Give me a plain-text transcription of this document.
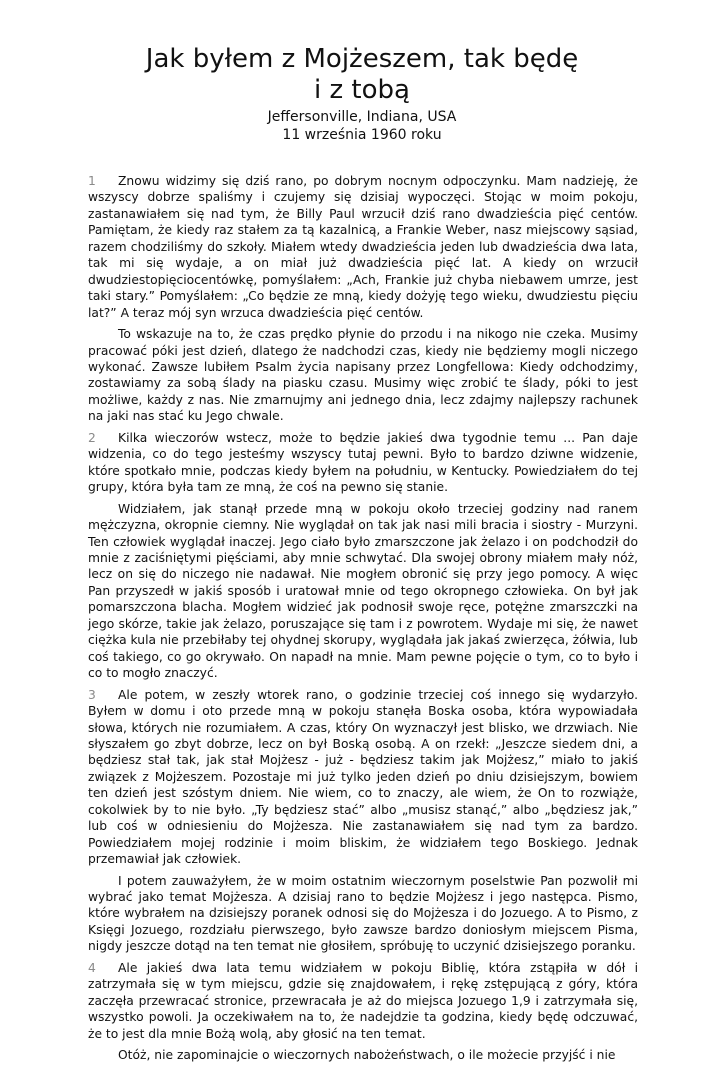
Jak byłem z Mojżeszem, tak będę
i z tobą
Jeffersonville, Indiana, USA
11 września 1960 roku

1 Znowu widzimy się dziś rano, po dobrym nocnym odpoczynku. Mam nadzieję, że wszyscy dobrze spaliśmy i czujemy się dzisiaj wypoczęci. Stojąc w moim pokoju, zastanawiałem się nad tym, że Billy Paul wrzucił dziś rano dwadzieścia pięć centów. Pamiętam, że kiedy raz stałem za tą kazalnicą, a Frankie Weber, nasz miejscowy sąsiad, razem chodziliśmy do szkoły. Miałem wtedy dwadzieścia jeden lub dwadzieścia dwa lata, tak mi się wydaje, a on miał już dwadzieścia pięć lat. A kiedy on wrzucił dwudziestopięciocentówkę, pomyślałem: „Ach, Frankie już chyba niebawem umrze, jest taki stary.” Pomyślałem: „Co będzie ze mną, kiedy dożyję tego wieku, dwudziestu pięciu lat?” A teraz mój syn wrzuca dwadzieścia pięć centów.

To wskazuje na to, że czas prędko płynie do przodu i na nikogo nie czeka. Musimy pracować póki jest dzień, dlatego że nadchodzi czas, kiedy nie będziemy mogli niczego wykonać. Zawsze lubiłem Psalm życia napisany przez Longfellowa: Kiedy odchodzimy, zostawiamy za sobą ślady na piasku czasu. Musimy więc zrobić te ślady, póki to jest możliwe, każdy z nas. Nie zmarnujmy ani jednego dnia, lecz zdajmy najlepszy rachunek na jaki nas stać ku Jego chwale.

2 Kilka wieczorów wstecz, może to będzie jakieś dwa tygodnie temu ... Pan daje widzenia, co do tego jesteśmy wszyscy tutaj pewni. Było to bardzo dziwne widzenie, które spotkało mnie, podczas kiedy byłem na południu, w Kentucky. Powiedziałem do tej grupy, która była tam ze mną, że coś na pewno się stanie.

Widziałem, jak stanął przede mną w pokoju około trzeciej godziny nad ranem mężczyzna, okropnie ciemny. Nie wyglądał on tak jak nasi mili bracia i siostry - Murzyni. Ten człowiek wyglądał inaczej. Jego ciało było zmarszczone jak żelazo i on podchodził do mnie z zaciśniętymi pięściami, aby mnie schwytać. Dla swojej obrony miałem mały nóż, lecz on się do niczego nie nadawał. Nie mogłem obronić się przy jego pomocy. A więc Pan przyszedł w jakiś sposób i uratował mnie od tego okropnego człowieka. On był jak pomarszczona blacha. Mogłem widzieć jak podnosił swoje ręce, potężne zmarszczki na jego skórze, takie jak żelazo, poruszające się tam i z powrotem. Wydaje mi się, że nawet ciężka kula nie przebiłaby tej ohydnej skorupy, wyglądała jak jakaś zwierzęca, żółwia, lub coś takiego, co go okrywało. On napadł na mnie. Mam pewne pojęcie o tym, co to było i co to mogło znaczyć.

3 Ale potem, w zeszły wtorek rano, o godzinie trzeciej coś innego się wydarzyło. Byłem w domu i oto przede mną w pokoju stanęła Boska osoba, która wypowiadała słowa, których nie rozumiałem. A czas, który On wyznaczył jest blisko, we drzwiach. Nie słyszałem go zbyt dobrze, lecz on był Boską osobą. A on rzekł: „Jeszcze siedem dni, a będziesz stał tak, jak stał Mojżesz - już - będziesz takim jak Mojżesz,” miało to jakiś związek z Mojżeszem. Pozostaje mi już tylko jeden dzień po dniu dzisiejszym, bowiem ten dzień jest szóstym dniem. Nie wiem, co to znaczy, ale wiem, że On to rozwiąże, cokolwiek by to nie było. „Ty będziesz stać” albo „musisz stanąć,” albo „będziesz jak,” lub coś w odniesieniu do Mojżesza. Nie zastanawiałem się nad tym za bardzo. Powiedziałem mojej rodzinie i moim bliskim, że widziałem tego Boskiego. Jednak przemawiał jak człowiek.

I potem zauważyłem, że w moim ostatnim wieczornym poselstwie Pan pozwolił mi wybrać jako temat Mojżesza. A dzisiaj rano to będzie Mojżesz i jego następca. Pismo, które wybrałem na dzisiejszy poranek odnosi się do Mojżesza i do Jozuego. A to Pismo, z Księgi Jozuego, rozdziału pierwszego, było zawsze bardzo doniosłym miejscem Pisma, nigdy jeszcze dotąd na ten temat nie głosiłem, spróbuję to uczynić dzisiejszego poranku.

4 Ale jakieś dwa lata temu widziałem w pokoju Biblię, która zstąpiła w dół i zatrzymała się w tym miejscu, gdzie się znajdowałem, i rękę zstępującą z góry, która zaczęła przewracać stronice, przewracała je aż do miejsca Jozuego 1,9 i zatrzymała się, wszystko powoli. Ja oczekiwałem na to, że nadejdzie ta godzina, kiedy będę odczuwać, że to jest dla mnie Bożą wolą, aby głosić na ten temat.

Otóż, nie zapominajcie o wieczornych nabożeństwach, o ile możecie przyjść i nie
